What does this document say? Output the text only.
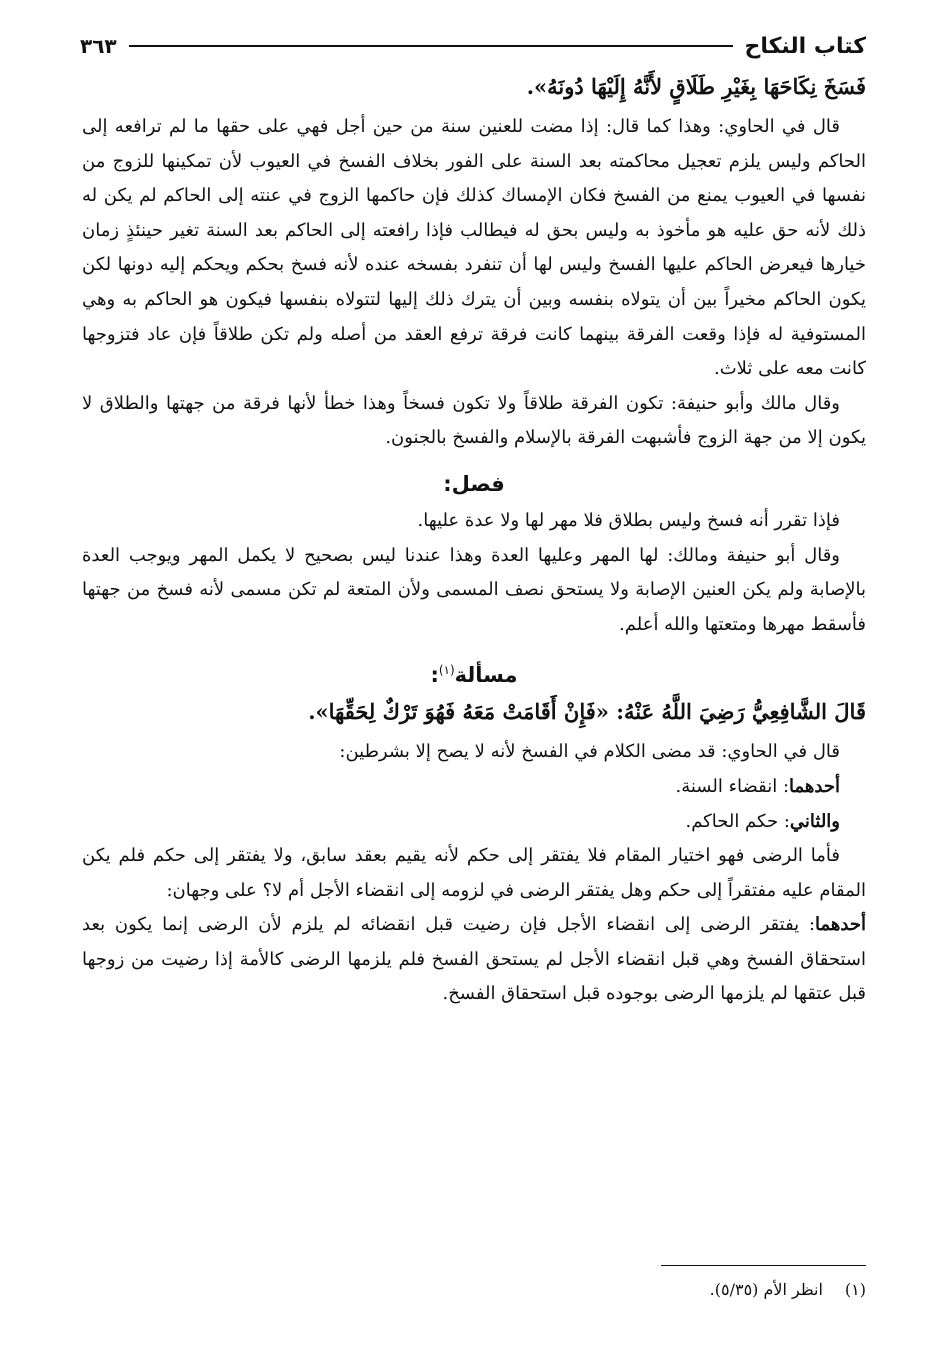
كتاب النكاح
٣٦٣

فَسَخَ نِكَاحَهَا بِغَيْرِ طَلَاقٍ لأَنَّهُ إِلَيْهَا دُونَهُ».

قال في الحاوي: وهذا كما قال: إذا مضت للعنين سنة من حين أجل فهي على حقها ما لم ترافعه إلى الحاكم وليس يلزم تعجيل محاكمته بعد السنة على الفور بخلاف الفسخ في العيوب لأن تمكينها للزوج من نفسها في العيوب يمنع من الفسخ فكان الإمساك كذلك فإن حاكمها الزوج في عنته إلى الحاكم لم يكن له ذلك لأنه حق عليه هو مأخوذ به وليس بحق له فيطالب فإذا رافعته إلى الحاكم بعد السنة تغير حينئذٍ زمان خيارها فيعرض الحاكم عليها الفسخ وليس لها أن تنفرد بفسخه عنده لأنه فسخ بحكم ويحكم إليه دونها لكن يكون الحاكم مخيراً بين أن يتولاه بنفسه وبين أن يترك ذلك إليها لتتولاه بنفسها فيكون هو الحاكم به وهي المستوفية له فإذا وقعت الفرقة بينهما كانت فرقة ترفع العقد من أصله ولم تكن طلاقاً فإن عاد فتزوجها كانت معه على ثلاث.

وقال مالك وأبو حنيفة: تكون الفرقة طلاقاً ولا تكون فسخاً وهذا خطأ لأنها فرقة من جهتها والطلاق لا يكون إلا من جهة الزوج فأشبهت الفرقة بالإسلام والفسخ بالجنون.

فصل:

فإذا تقرر أنه فسخ وليس بطلاق فلا مهر لها ولا عدة عليها.

وقال أبو حنيفة ومالك: لها المهر وعليها العدة وهذا عندنا ليس بصحيح لا يكمل المهر ويوجب العدة بالإصابة ولم يكن العنين الإصابة ولا يستحق نصف المسمى ولأن المتعة لم تكن مسمى لأنه فسخ من جهتها فأسقط مهرها ومتعتها والله أعلم.

مسألة$^{(١)}$:

قَالَ الشَّافِعِيُّ رَضِيَ اللَّهُ عَنْهُ: «فَإِنْ أَقَامَتْ مَعَهُ فَهُوَ تَرْكٌ لِحَقِّهَا».

قال في الحاوي: قد مضى الكلام في الفسخ لأنه لا يصح إلا بشرطين:

أحدهما: انقضاء السنة.

والثاني: حكم الحاكم.

فأما الرضى فهو اختيار المقام فلا يفتقر إلى حكم لأنه يقيم بعقد سابق، ولا يفتقر إلى حكم فلم يكن المقام عليه مفتقراً إلى حكم وهل يفتقر الرضى في لزومه إلى انقضاء الأجل أم لا؟ على وجهان:

أحدهما: يفتقر الرضى إلى انقضاء الأجل فإن رضيت قبل انقضائه لم يلزم لأن الرضى إنما يكون بعد استحقاق الفسخ وهي قبل انقضاء الأجل لم يستحق الفسخ فلم يلزمها الرضى كالأمة إذا رضيت من زوجها قبل عتقها لم يلزمها الرضى بوجوده قبل استحقاق الفسخ.

(١)انظر الأم (٥/٣٥).
